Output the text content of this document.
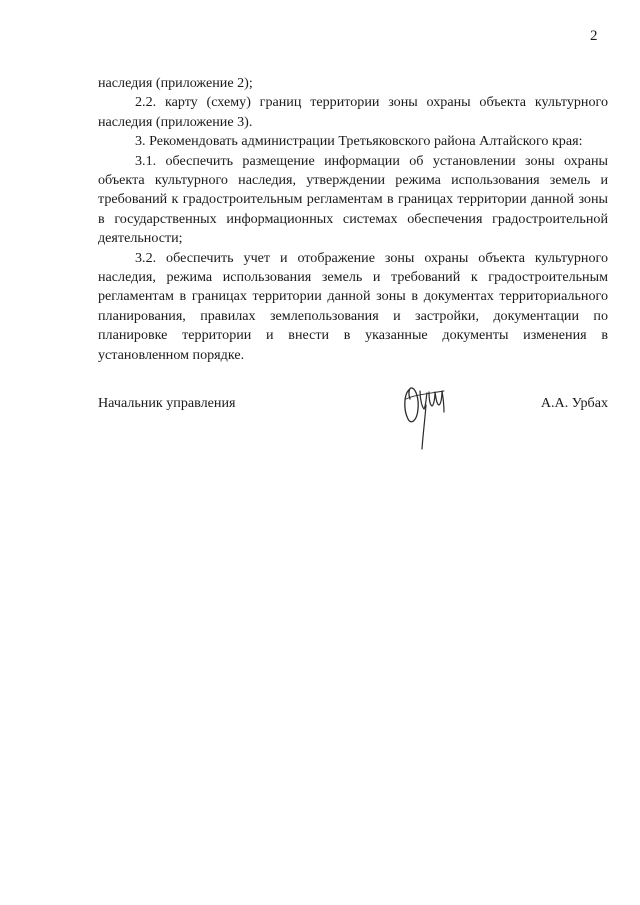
2

наследия (приложение 2);

2.2. карту (схему) границ территории зоны охраны объекта культурного наследия (приложение 3).

3. Рекомендовать администрации Третьяковского района Алтайского края:

3.1. обеспечить размещение информации об установлении зоны охраны объекта культурного наследия, утверждении режима использования земель и требований к градостроительным регламентам в границах территории данной зоны в государственных информационных системах обеспечения градостроительной деятельности;

3.2. обеспечить учет и отображение зоны охраны объекта культурного наследия, режима использования земель и требований к градостроительным регламентам в границах территории данной зоны в документах территориального планирования, правилах землепользования и застройки, документации по планировке территории и внести в указанные документы изменения в установленном порядке.

Начальник управления	А.А. Урбах
